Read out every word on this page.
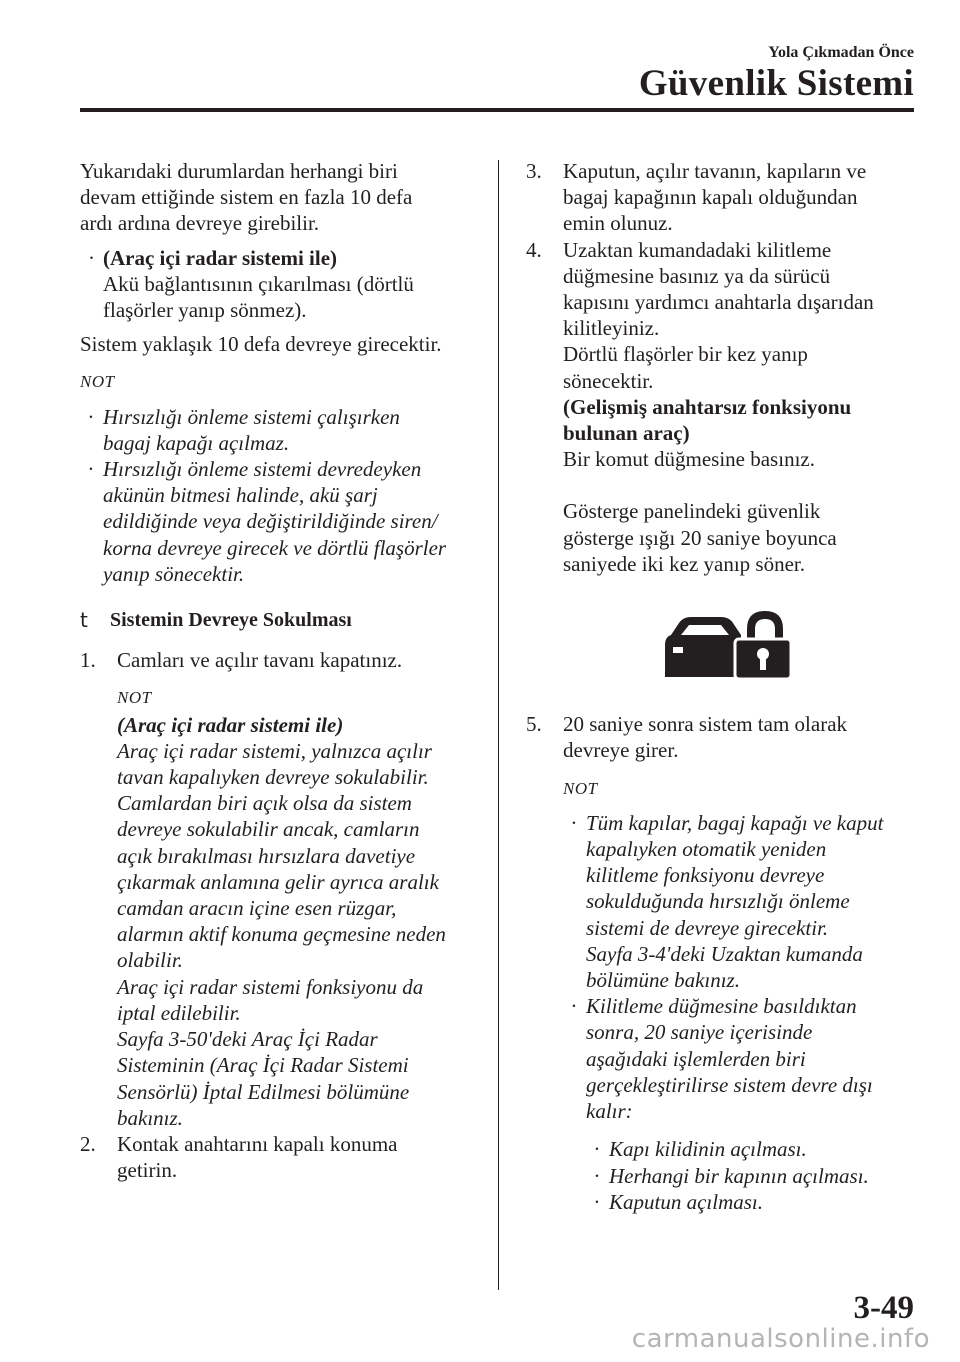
Yola Çıkmadan Önce
Güvenlik Sistemi

Yukarıdaki durumlardan herhangi biri
devam ettiğinde sistem en fazla 10 defa
ardı ardına devreye girebilir.

· (Araç içi radar sistemi ile)
Akü bağlantısının çıkarılması (dörtlü
flaşörler yanıp sönmez).

Sistem yaklaşık 10 defa devreye girecektir.

NOT

· Hırsızlığı önleme sistemi çalışırken
bagaj kapağı açılmaz.
· Hırsızlığı önleme sistemi devredeyken
akünün bitmesi halinde, akü şarj
edildiğinde veya değiştirildiğinde siren/
korna devreye girecek ve dörtlü flaşörler
yanıp sönecektir.
t Sistemin Devreye Sokulması
1. Camları ve açılır tavanı kapatınız.

NOT

(Araç içi radar sistemi ile)
Araç içi radar sistemi, yalnızca açılır
tavan kapalıyken devreye sokulabilir.
Camlardan biri açık olsa da sistem
devreye sokulabilir ancak, camların
açık bırakılması hırsızlara davetiye
çıkarmak anlamına gelir ayrıca aralık
camdan aracın içine esen rüzgar,
alarmın aktif konuma geçmesine neden
olabilir.
Araç içi radar sistemi fonksiyonu da
iptal edilebilir.
Sayfa 3-50'deki Araç İçi Radar
Sisteminin (Araç İçi Radar Sistemi
Sensörlü) İptal Edilmesi bölümüne
bakınız.
2. Kontak anahtarını kapalı konuma
getirin.
3. Kaputun, açılır tavanın, kapıların ve
bagaj kapağının kapalı olduğundan
emin olunuz.
4. Uzaktan kumandadaki kilitleme
düğmesine basınız ya da sürücü
kapısını yardımcı anahtarla dışarıdan
kilitleyiniz.
Dörtlü flaşörler bir kez yanıp
sönecektir.
(Gelişmiş anahtarsız fonksiyonu
bulunan araç)
Bir komut düğmesine basınız.
Gösterge panelindeki güvenlik
gösterge ışığı 20 saniye boyunca
saniyede iki kez yanıp söner.
5. 20 saniye sonra sistem tam olarak
devreye girer.

NOT

· Tüm kapılar, bagaj kapağı ve kaput
kapalıyken otomatik yeniden
kilitleme fonksiyonu devreye
sokulduğunda hırsızlığı önleme
sistemi de devreye girecektir.
Sayfa 3-4'deki Uzaktan kumanda
bölümüne bakınız.
· Kilitleme düğmesine basıldıktan
sonra, 20 saniye içerisinde
aşağıdaki işlemlerden biri
gerçekleştirilirse sistem devre dışı
kalır:
· Kapı kilidinin açılması.
· Herhangi bir kapının açılması.
· Kaputun açılması.
3-49
carmanualsonline.info
